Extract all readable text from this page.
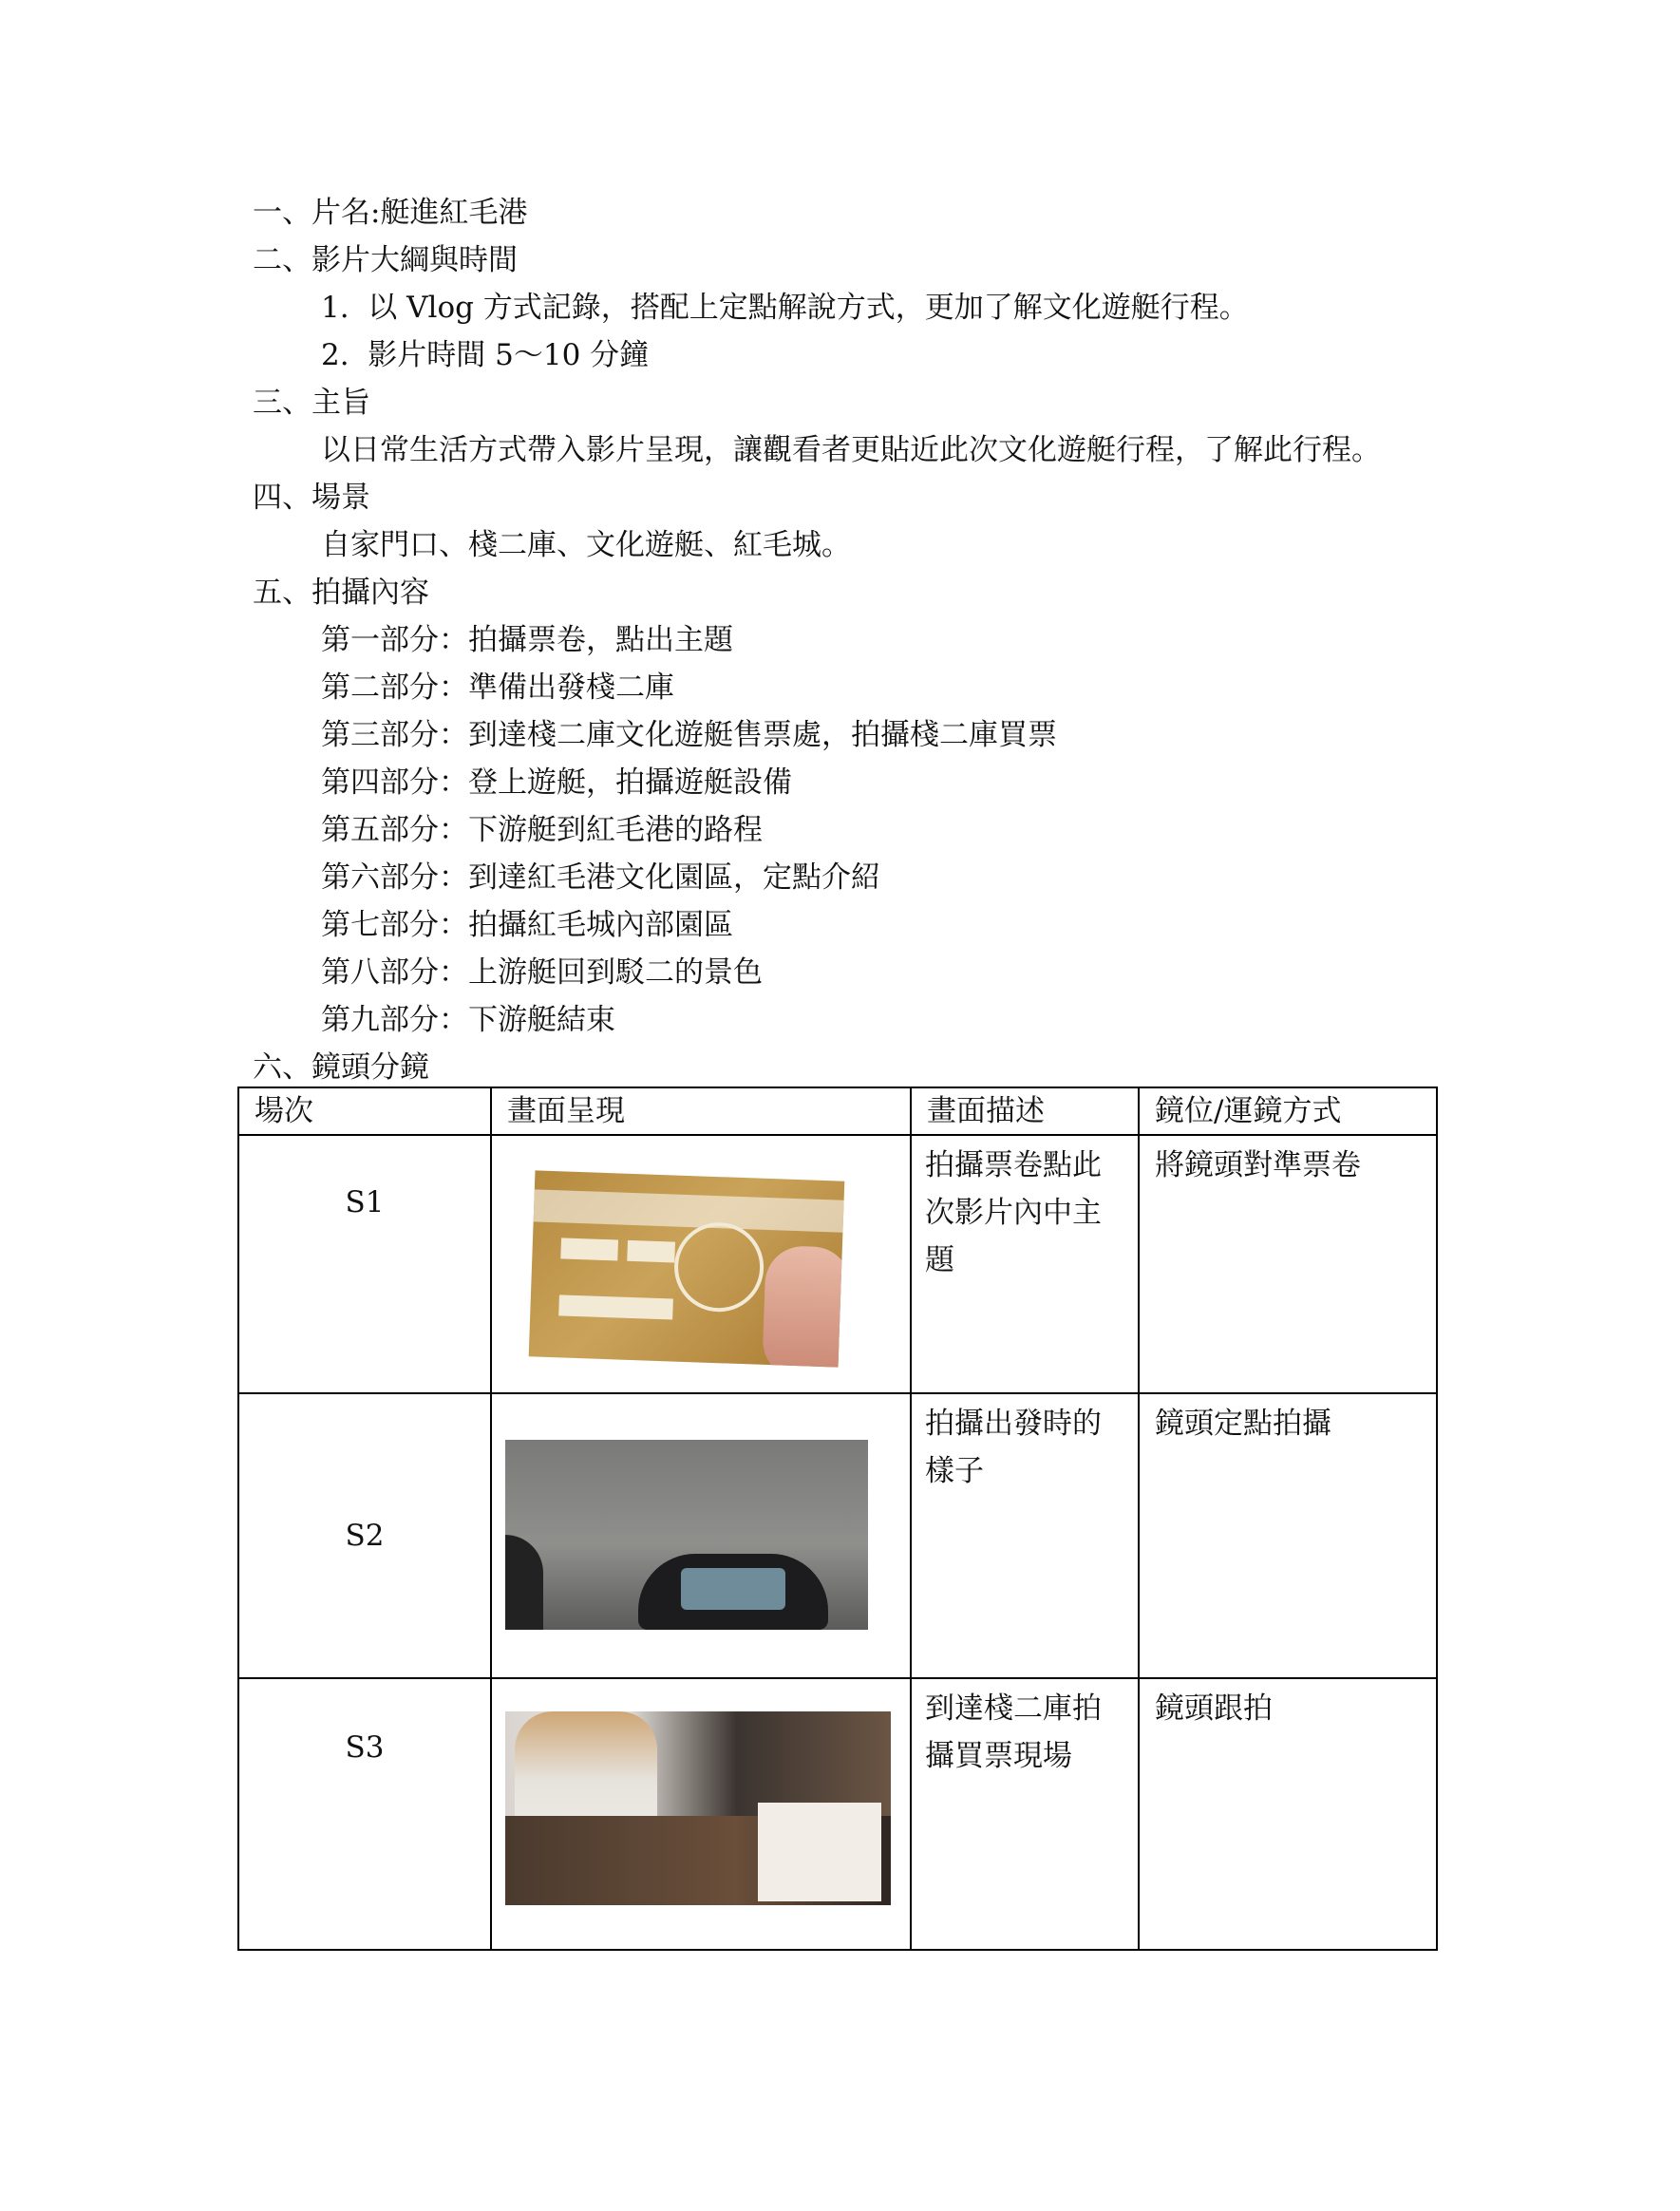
一、片名:艇進紅毛港
二、影片大綱與時間
1.  以 Vlog 方式記錄，搭配上定點解說方式，更加了解文化遊艇行程。
2.  影片時間 5～10 分鐘
三、主旨
以日常生活方式帶入影片呈現，讓觀看者更貼近此次文化遊艇行程，了解此行程。
四、場景
自家門口、棧二庫、文化遊艇、紅毛城。
五、拍攝內容
第一部分：拍攝票卷，點出主題
第二部分：準備出發棧二庫
第三部分：到達棧二庫文化遊艇售票處，拍攝棧二庫買票
第四部分：登上遊艇，拍攝遊艇設備
第五部分：下游艇到紅毛港的路程
第六部分：到達紅毛港文化園區，定點介紹
第七部分：拍攝紅毛城內部園區
第八部分：上游艇回到駁二的景色
第九部分：下游艇結束
六、鏡頭分鏡
場次	畫面呈現	畫面描述	鏡位/運鏡方式
S1		拍攝票卷點此次影片內中主題	將鏡頭對準票卷
S2		拍攝出發時的樣子	鏡頭定點拍攝
S3		到達棧二庫拍攝買票現場	鏡頭跟拍
